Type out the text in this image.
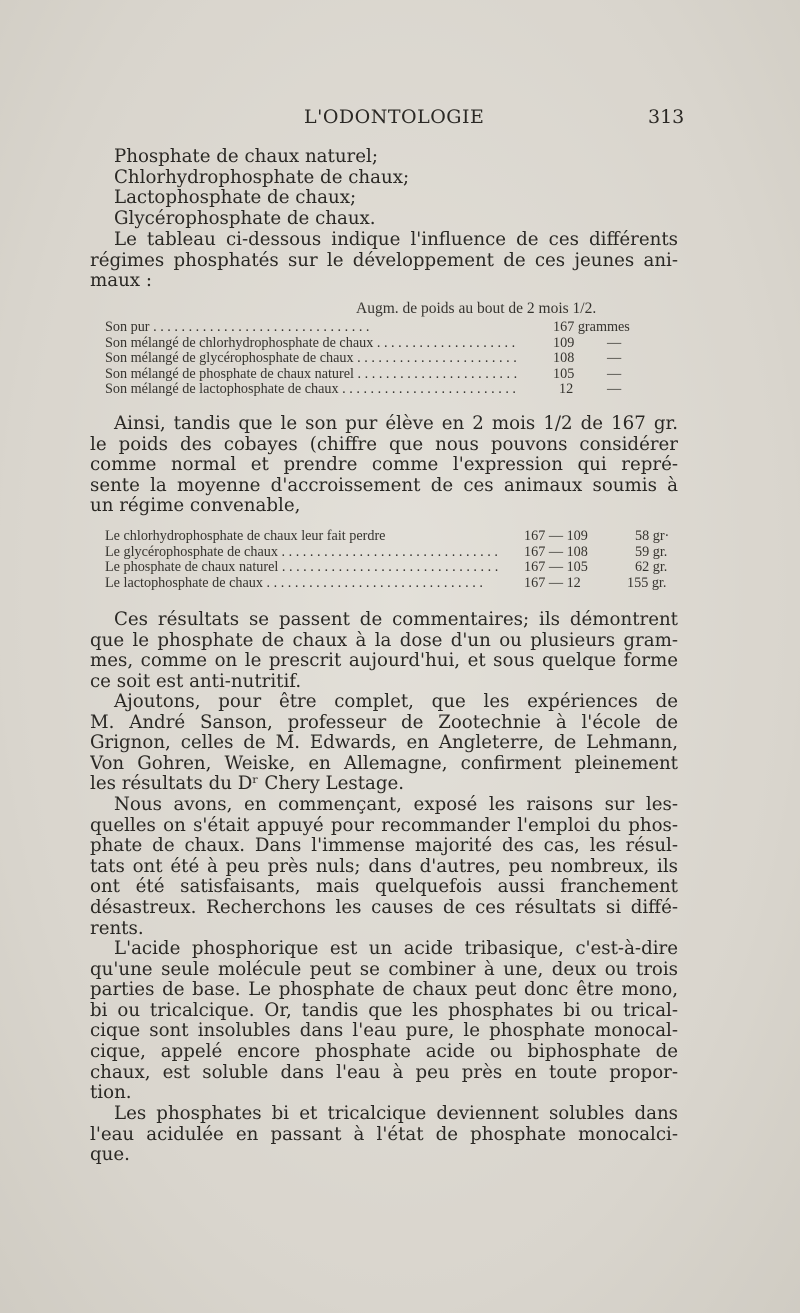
L'ODONTOLOGIE	313
Phosphate de chaux naturel;
Chlorhydrophosphate de chaux;
Lactophosphate de chaux;
Glycérophosphate de chaux.
Le tableau ci-dessous indique l'influence de ces différents
régimes phosphatés sur le développement de ces jeunes ani-
maux :
Augm. de poids au bout de 2 mois 1/2.
Son pur . . .	167 grammes
Son mélangé de chlorhydrophosphate de chaux . . .	109 —
Son mélangé de glycérophosphate de chaux . . .	108 —
Son mélangé de phosphate de chaux naturel . . .	105 —
Son mélangé de lactophosphate de chaux . . .	12 —
Ainsi, tandis que le son pur élève en 2 mois 1/2 de 167 gr.
le poids des cobayes (chiffre que nous pouvons considérer
comme normal et prendre comme l'expression qui repré-
sente la moyenne d'accroissement de ces animaux soumis à
un régime convenable,
Le chlorhydrophosphate de chaux leur fait perdre	167 — 109	58 gr·
Le glycérophosphate de chaux . . .	167 — 108	59 gr.
Le phosphate de chaux naturel . . .	167 — 105	62 gr.
Le lactophosphate de chaux . . .	167 — 12	155 gr.
Ces résultats se passent de commentaires; ils démontrent
que le phosphate de chaux à la dose d'un ou plusieurs gram-
mes, comme on le prescrit aujourd'hui, et sous quelque forme
ce soit est anti-nutritif.
Ajoutons, pour être complet, que les expériences de
M. André Sanson, professeur de Zootechnie à l'école de
Grignon, celles de M. Edwards, en Angleterre, de Lehmann,
Von Gohren, Weiske, en Allemagne, confirment pleinement
les résultats du Dʳ Chery Lestage.
Nous avons, en commençant, exposé les raisons sur les-
quelles on s'était appuyé pour recommander l'emploi du phos-
phate de chaux. Dans l'immense majorité des cas, les résul-
tats ont été à peu près nuls; dans d'autres, peu nombreux, ils
ont été satisfaisants, mais quelquefois aussi franchement
désastreux. Recherchons les causes de ces résultats si diffé-
rents.
L'acide phosphorique est un acide tribasique, c'est-à-dire
qu'une seule molécule peut se combiner à une, deux ou trois
parties de base. Le phosphate de chaux peut donc être mono,
bi ou tricalcique. Or, tandis que les phosphates bi ou trical-
cique sont insolubles dans l'eau pure, le phosphate monocal-
cique, appelé encore phosphate acide ou biphosphate de
chaux, est soluble dans l'eau à peu près en toute propor-
tion.
Les phosphates bi et tricalcique deviennent solubles dans
l'eau acidulée en passant à l'état de phosphate monocalci-
que.
